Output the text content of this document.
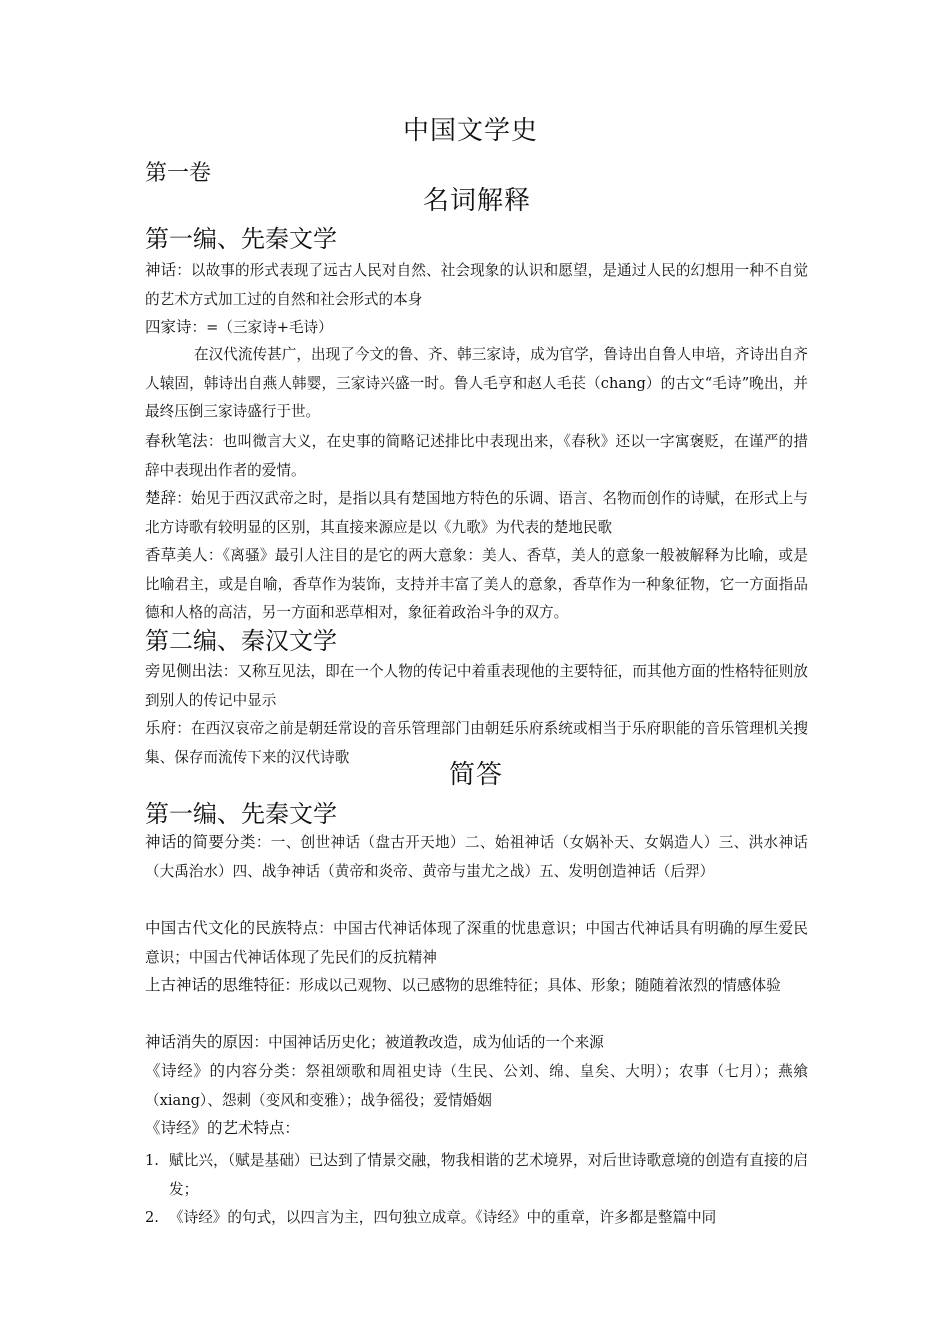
中国文学史
第一卷
名词解释
第一编、先秦文学
神话：以故事的形式表现了远古人民对自然、社会现象的认识和愿望，是通过人民的幻想用一种不自觉的艺术方式加工过的自然和社会形式的本身
四家诗：=（三家诗+毛诗）
在汉代流传甚广，出现了今文的鲁、齐、韩三家诗，成为官学，鲁诗出自鲁人申培，齐诗出自齐人辕固，韩诗出自燕人韩婴，三家诗兴盛一时。鲁人毛亨和赵人毛苌（chang）的古文“毛诗”晚出，并最终压倒三家诗盛行于世。
春秋笔法：也叫微言大义，在史事的简略记述排比中表现出来，《春秋》还以一字寓褒贬，在谨严的措辞中表现出作者的爱情。
楚辞：始见于西汉武帝之时，是指以具有楚国地方特色的乐调、语言、名物而创作的诗赋，在形式上与北方诗歌有较明显的区别，其直接来源应是以《九歌》为代表的楚地民歌
香草美人：《离骚》最引人注目的是它的两大意象：美人、香草，美人的意象一般被解释为比喻，或是比喻君主，或是自喻，香草作为装饰，支持并丰富了美人的意象，香草作为一种象征物，它一方面指品德和人格的高洁，另一方面和恶草相对，象征着政治斗争的双方。
第二编、秦汉文学
旁见侧出法：又称互见法，即在一个人物的传记中着重表现他的主要特征，而其他方面的性格特征则放到别人的传记中显示
乐府：在西汉哀帝之前是朝廷常设的音乐管理部门由朝廷乐府系统或相当于乐府职能的音乐管理机关搜集、保存而流传下来的汉代诗歌
简答
第一编、先秦文学
神话的简要分类：一、创世神话（盘古开天地）二、始祖神话（女娲补天、女娲造人）三、洪水神话（大禹治水）四、战争神话（黄帝和炎帝、黄帝与蚩尤之战）五、发明创造神话（后羿）
中国古代文化的民族特点：中国古代神话体现了深重的忧患意识；中国古代神话具有明确的厚生爱民意识；中国古代神话体现了先民们的反抗精神
上古神话的思维特征：形成以己观物、以己感物的思维特征；具体、形象；随随着浓烈的情感体验
神话消失的原因：中国神话历史化；被道教改造，成为仙话的一个来源
《诗经》的内容分类：祭祖颂歌和周祖史诗（生民、公刘、绵、皇矣、大明）；农事（七月）；燕飨（xiang）、怨刺（变风和变雅）；战争徭役；爱情婚姻
《诗经》的艺术特点：
1. 赋比兴，（赋是基础）已达到了情景交融，物我相谐的艺术境界，对后世诗歌意境的创造有直接的启发；
2. 《诗经》的句式，以四言为主，四句独立成章。《诗经》中的重章，许多都是整篇中同
